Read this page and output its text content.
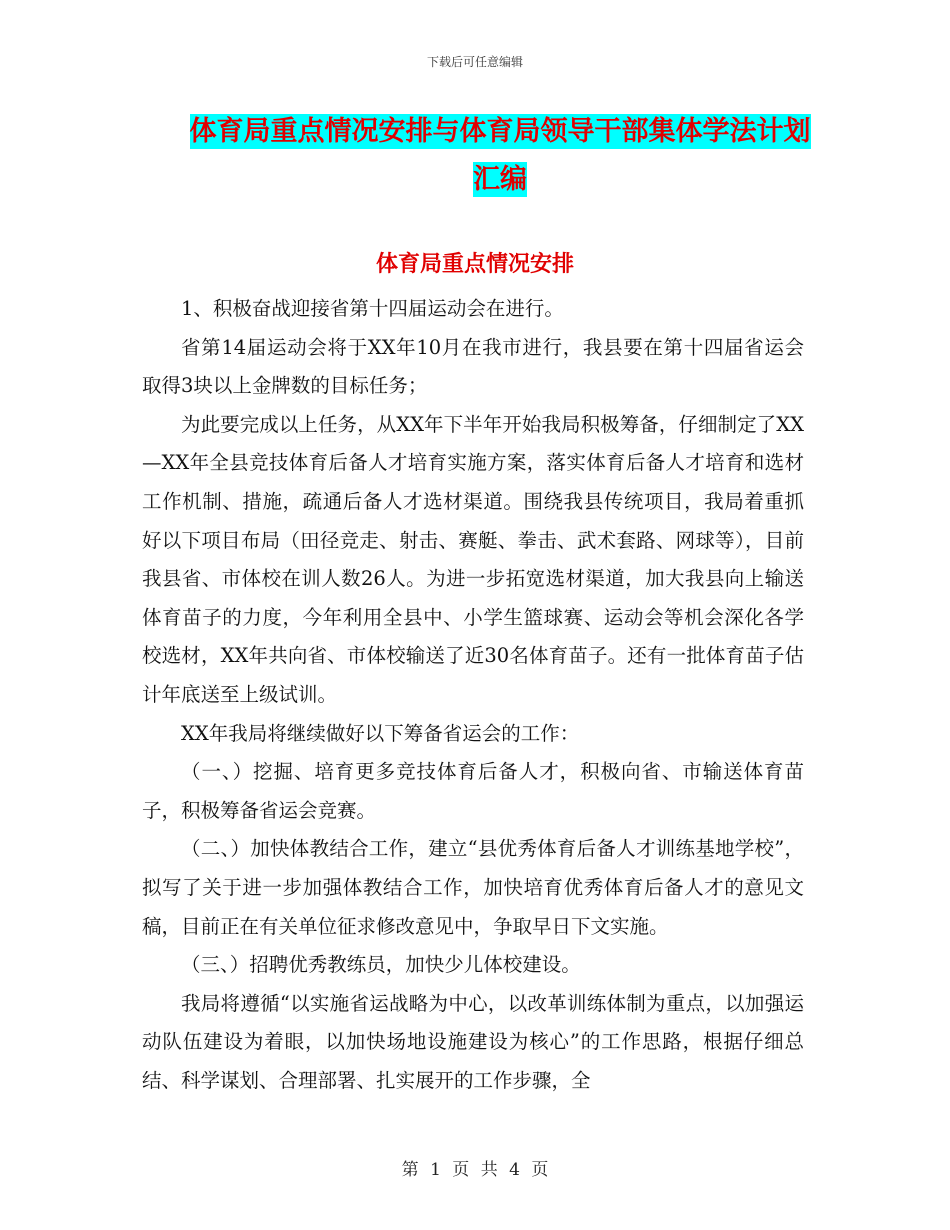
下载后可任意编辑
体育局重点情况安排与体育局领导干部集体学法计划
汇编
体育局重点情况安排

1、积极奋战迎接省第十四届运动会在进行。

省第14届运动会将于XX年10月在我市进行，我县要在第十四届省运会取得3块以上金牌数的目标任务；

为此要完成以上任务，从XX年下半年开始我局积极筹备，仔细制定了XX—XX年全县竞技体育后备人才培育实施方案，落实体育后备人才培育和选材工作机制、措施，疏通后备人才选材渠道。围绕我县传统项目，我局着重抓好以下项目布局（田径竞走、射击、赛艇、拳击、武术套路、网球等），目前我县省、市体校在训人数26人。为进一步拓宽选材渠道，加大我县向上输送体育苗子的力度，今年利用全县中、小学生篮球赛、运动会等机会深化各学校选材，XX年共向省、市体校输送了近30名体育苗子。还有一批体育苗子估计年底送至上级试训。

XX年我局将继续做好以下筹备省运会的工作：

（一、）挖掘、培育更多竞技体育后备人才，积极向省、市输送体育苗子，积极筹备省运会竞赛。

（二、）加快体教结合工作，建立“县优秀体育后备人才训练基地学校”，拟写了关于进一步加强体教结合工作，加快培育优秀体育后备人才的意见文稿，目前正在有关单位征求修改意见中，争取早日下文实施。

（三、）招聘优秀教练员，加快少儿体校建设。

我局将遵循“以实施省运战略为中心，以改革训练体制为重点，以加强运动队伍建设为着眼，以加快场地设施建设为核心”的工作思路，根据仔细总结、科学谋划、合理部署、扎实展开的工作步骤，全

第 1 页 共 4 页
